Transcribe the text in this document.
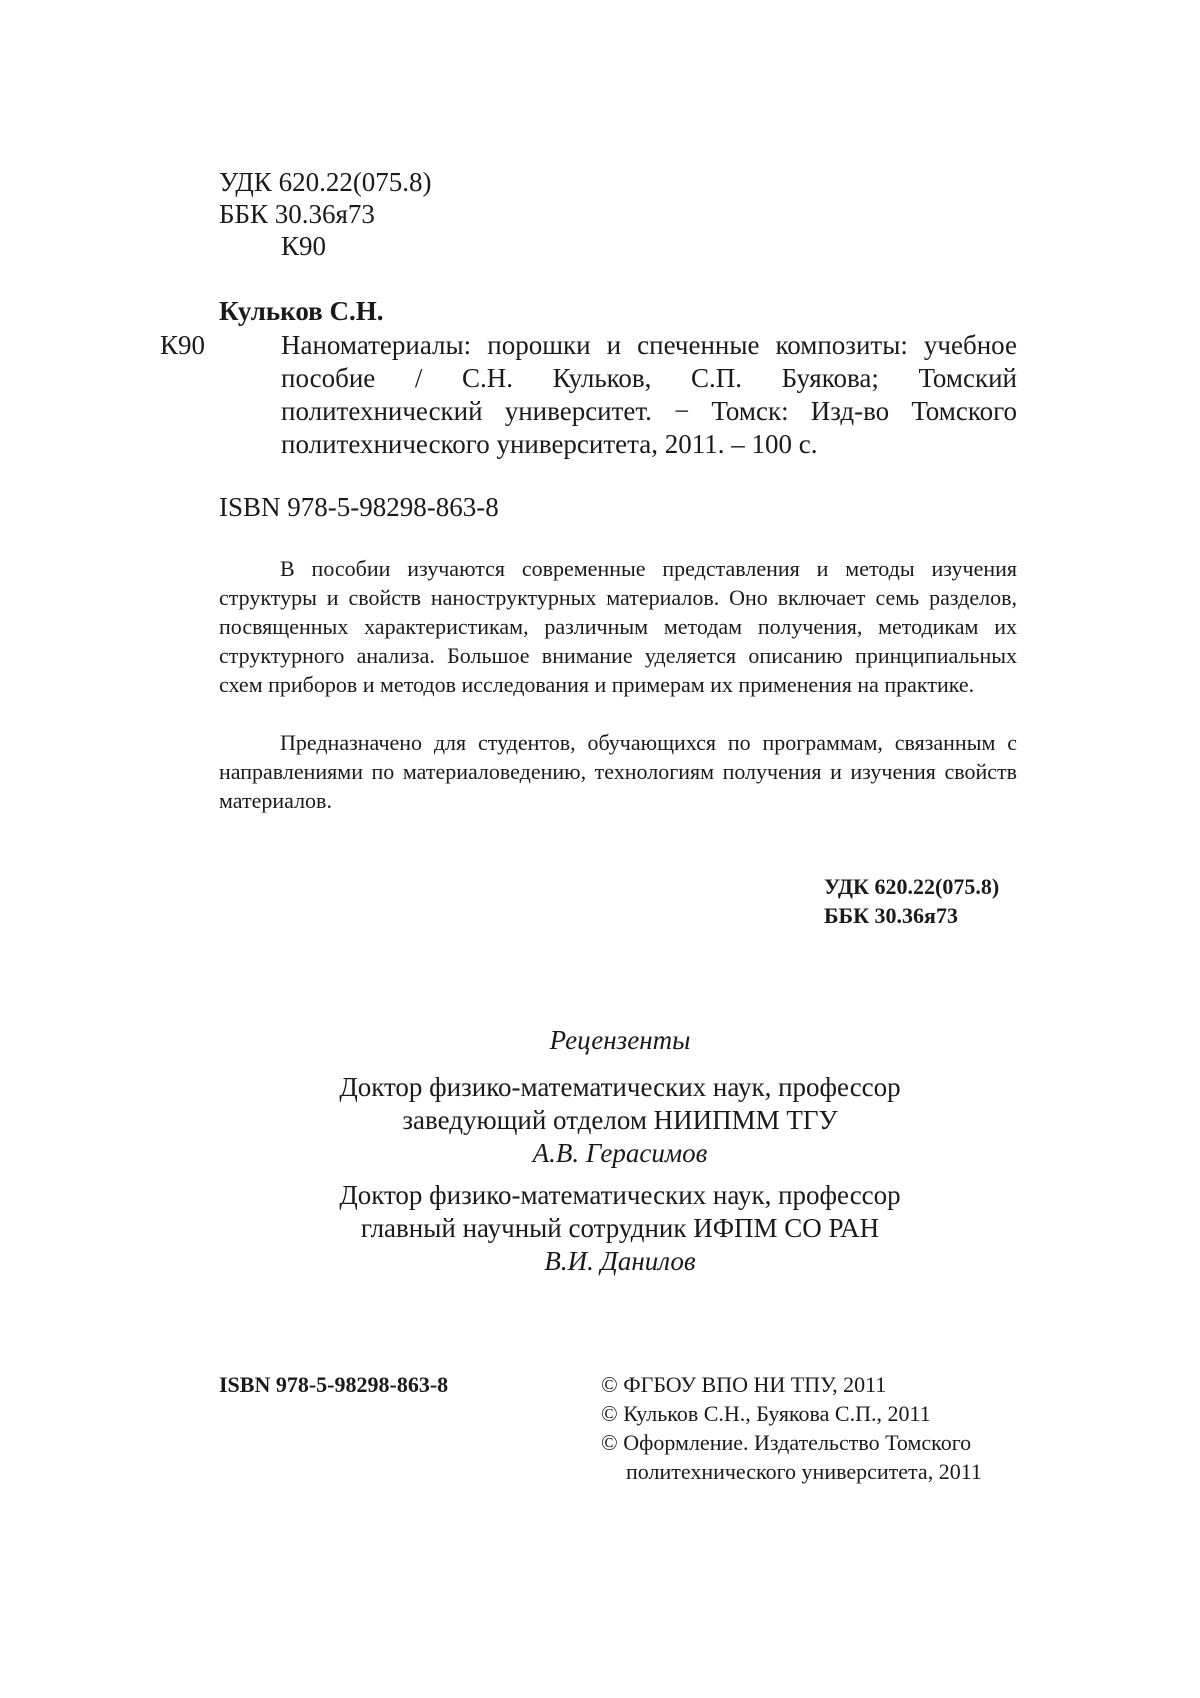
УДК 620.22(075.8)

ББК 30.36я73

К90

Кульков С.Н.

К90	Наноматериалы: порошки и спеченные композиты: учебное пособие / С.Н. Кульков, С.П. Буякова; Томский политехнический университет. − Томск: Изд-во Томского политехнического университета, 2011. – 100 с.

ISBN 978-5-98298-863-8

В пособии изучаются современные представления и методы изучения структуры и свойств наноструктурных материалов. Оно включает семь разделов, посвященных характеристикам, различным методам получения, методикам их структурного анализа. Большое внимание уделяется описанию принципиальных схем приборов и методов исследования и примерам их применения на практике.

Предназначено для студентов, обучающихся по программам, связанным с направлениями по материаловедению, технологиям получения и изучения свойств материалов.

УДК 620.22(075.8)

ББК 30.36я73

Рецензенты

Доктор физико-математических наук, профессор

заведующий отделом НИИПММ ТГУ

А.В. Герасимов

Доктор физико-математических наук, профессор

главный научный сотрудник ИФПМ СО РАН

В.И. Данилов

ISBN 978-5-98298-863-8	© ФГБОУ ВПО НИ ТПУ, 2011

© Кульков С.Н., Буякова С.П., 2011

© Оформление. Издательство Томского политехнического университета, 2011
